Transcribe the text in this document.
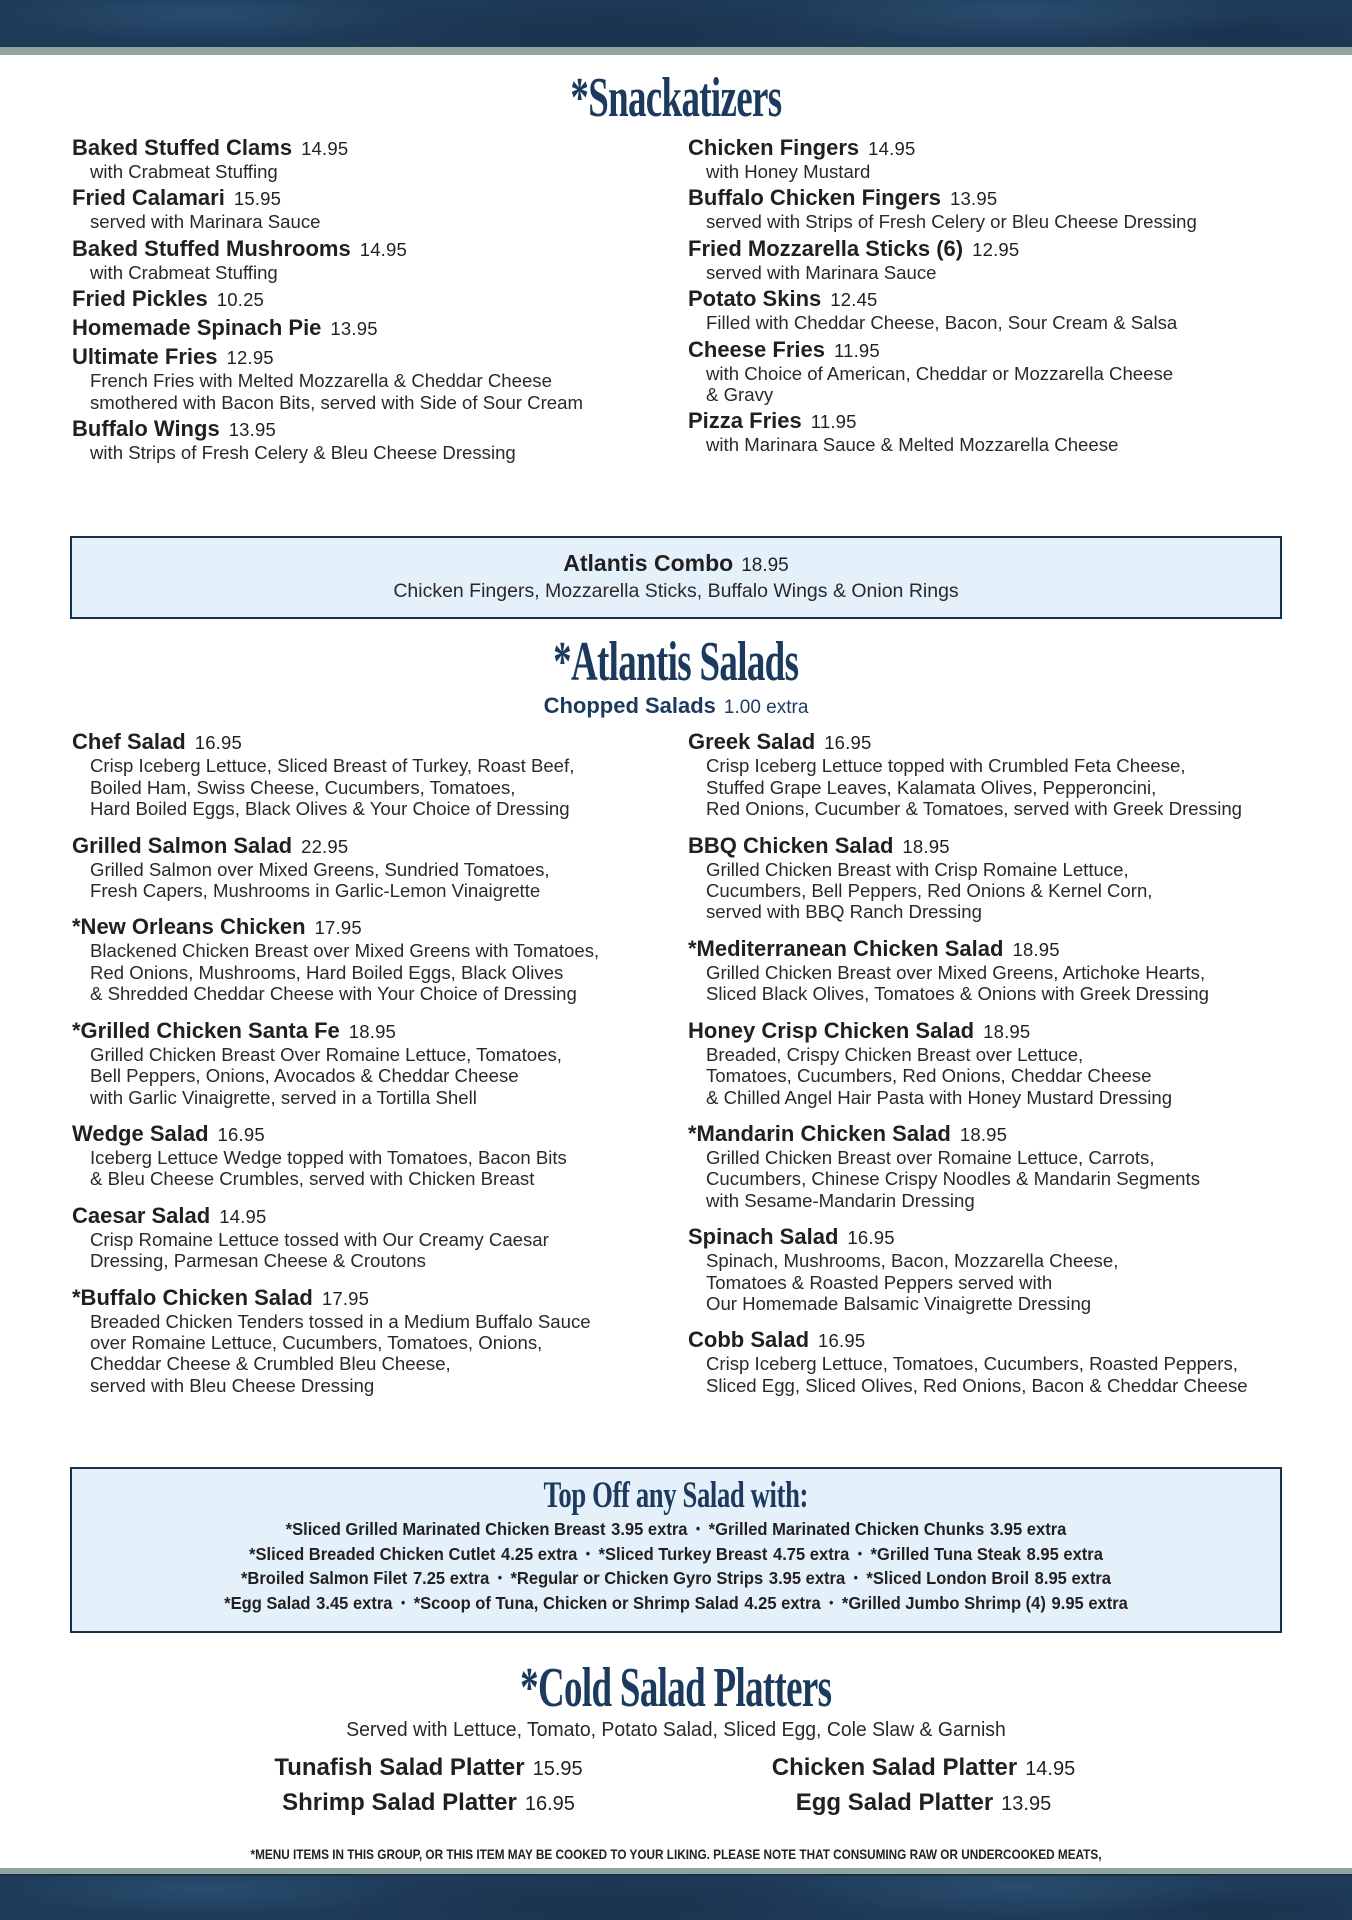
*Snackatizers
Baked Stuffed Clams 14.95
with Crabmeat Stuffing
Fried Calamari 15.95
served with Marinara Sauce
Baked Stuffed Mushrooms 14.95
with Crabmeat Stuffing
Fried Pickles 10.25
Homemade Spinach Pie 13.95
Ultimate Fries 12.95
French Fries with Melted Mozzarella & Cheddar Cheese
smothered with Bacon Bits, served with Side of Sour Cream
Buffalo Wings 13.95
with Strips of Fresh Celery & Bleu Cheese Dressing
Chicken Fingers 14.95
with Honey Mustard
Buffalo Chicken Fingers 13.95
served with Strips of Fresh Celery or Bleu Cheese Dressing
Fried Mozzarella Sticks (6) 12.95
served with Marinara Sauce
Potato Skins 12.45
Filled with Cheddar Cheese, Bacon, Sour Cream & Salsa
Cheese Fries 11.95
with Choice of American, Cheddar or Mozzarella Cheese
& Gravy
Pizza Fries 11.95
with Marinara Sauce & Melted Mozzarella Cheese
Atlantis Combo 18.95
Chicken Fingers, Mozzarella Sticks, Buffalo Wings & Onion Rings
*Atlantis Salads
Chopped Salads 1.00 extra
Chef Salad 16.95
Crisp Iceberg Lettuce, Sliced Breast of Turkey, Roast Beef,
Boiled Ham, Swiss Cheese, Cucumbers, Tomatoes,
Hard Boiled Eggs, Black Olives & Your Choice of Dressing
Grilled Salmon Salad 22.95
Grilled Salmon over Mixed Greens, Sundried Tomatoes,
Fresh Capers, Mushrooms in Garlic-Lemon Vinaigrette
*New Orleans Chicken 17.95
Blackened Chicken Breast over Mixed Greens with Tomatoes,
Red Onions, Mushrooms, Hard Boiled Eggs, Black Olives
& Shredded Cheddar Cheese with Your Choice of Dressing
*Grilled Chicken Santa Fe 18.95
Grilled Chicken Breast Over Romaine Lettuce, Tomatoes,
Bell Peppers, Onions, Avocados & Cheddar Cheese
with Garlic Vinaigrette, served in a Tortilla Shell
Wedge Salad 16.95
Iceberg Lettuce Wedge topped with Tomatoes, Bacon Bits
& Bleu Cheese Crumbles, served with Chicken Breast
Caesar Salad 14.95
Crisp Romaine Lettuce tossed with Our Creamy Caesar
Dressing, Parmesan Cheese & Croutons
*Buffalo Chicken Salad 17.95
Breaded Chicken Tenders tossed in a Medium Buffalo Sauce
over Romaine Lettuce, Cucumbers, Tomatoes, Onions,
Cheddar Cheese & Crumbled Bleu Cheese,
served with Bleu Cheese Dressing
Greek Salad 16.95
Crisp Iceberg Lettuce topped with Crumbled Feta Cheese,
Stuffed Grape Leaves, Kalamata Olives, Pepperoncini,
Red Onions, Cucumber & Tomatoes, served with Greek Dressing
BBQ Chicken Salad 18.95
Grilled Chicken Breast with Crisp Romaine Lettuce,
Cucumbers, Bell Peppers, Red Onions & Kernel Corn,
served with BBQ Ranch Dressing
*Mediterranean Chicken Salad 18.95
Grilled Chicken Breast over Mixed Greens, Artichoke Hearts,
Sliced Black Olives, Tomatoes & Onions with Greek Dressing
Honey Crisp Chicken Salad 18.95
Breaded, Crispy Chicken Breast over Lettuce,
Tomatoes, Cucumbers, Red Onions, Cheddar Cheese
& Chilled Angel Hair Pasta with Honey Mustard Dressing
*Mandarin Chicken Salad 18.95
Grilled Chicken Breast over Romaine Lettuce, Carrots,
Cucumbers, Chinese Crispy Noodles & Mandarin Segments
with Sesame-Mandarin Dressing
Spinach Salad 16.95
Spinach, Mushrooms, Bacon, Mozzarella Cheese,
Tomatoes & Roasted Peppers served with
Our Homemade Balsamic Vinaigrette Dressing
Cobb Salad 16.95
Crisp Iceberg Lettuce, Tomatoes, Cucumbers, Roasted Peppers,
Sliced Egg, Sliced Olives, Red Onions, Bacon & Cheddar Cheese
Top Off any Salad with:
*Sliced Grilled Marinated Chicken Breast 3.95 extra • *Grilled Marinated Chicken Chunks 3.95 extra
*Sliced Breaded Chicken Cutlet 4.25 extra • *Sliced Turkey Breast 4.75 extra • *Grilled Tuna Steak 8.95 extra
*Broiled Salmon Filet 7.25 extra • *Regular or Chicken Gyro Strips 3.95 extra • *Sliced London Broil 8.95 extra
*Egg Salad 3.45 extra • *Scoop of Tuna, Chicken or Shrimp Salad 4.25 extra • *Grilled Jumbo Shrimp (4) 9.95 extra
*Cold Salad Platters
Served with Lettuce, Tomato, Potato Salad, Sliced Egg, Cole Slaw & Garnish
Tunafish Salad Platter 15.95	Chicken Salad Platter 14.95
Shrimp Salad Platter 16.95	Egg Salad Platter 13.95
*MENU ITEMS IN THIS GROUP, OR THIS ITEM MAY BE COOKED TO YOUR LIKING. PLEASE NOTE THAT CONSUMING RAW OR UNDERCOOKED MEATS,
